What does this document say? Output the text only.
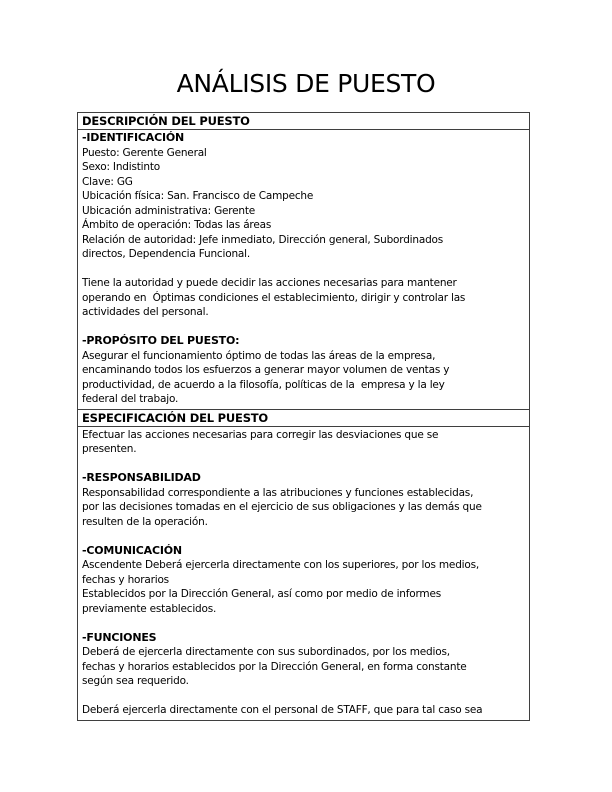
ANÁLISIS DE PUESTO
DESCRIPCIÓN DEL PUESTO
-IDENTIFICACIÓN
Puesto: Gerente General
Sexo: Indistinto
Clave: GG
Ubicación física: San. Francisco de Campeche
Ubicación administrativa: Gerente
Ámbito de operación: Todas las áreas
Relación de autoridad: Jefe inmediato, Dirección general, Subordinados
directos, Dependencia Funcional.
Tiene la autoridad y puede decidir las acciones necesarias para mantener
operando en  Óptimas condiciones el establecimiento, dirigir y controlar las
actividades del personal.
-PROPÓSITO DEL PUESTO:
Asegurar el funcionamiento óptimo de todas las áreas de la empresa,
encaminando todos los esfuerzos a generar mayor volumen de ventas y
productividad, de acuerdo a la filosofía, políticas de la  empresa y la ley
federal del trabajo.
ESPECIFICACIÓN DEL PUESTO
Efectuar las acciones necesarias para corregir las desviaciones que se
presenten.
-RESPONSABILIDAD
Responsabilidad correspondiente a las atribuciones y funciones establecidas,
por las decisiones tomadas en el ejercicio de sus obligaciones y las demás que
resulten de la operación.
-COMUNICACIÓN
Ascendente Deberá ejercerla directamente con los superiores, por los medios,
fechas y horarios
Establecidos por la Dirección General, así como por medio de informes
previamente establecidos.
-FUNCIONES
Deberá de ejercerla directamente con sus subordinados, por los medios,
fechas y horarios establecidos por la Dirección General, en forma constante
según sea requerido.
Deberá ejercerla directamente con el personal de STAFF, que para tal caso sea
